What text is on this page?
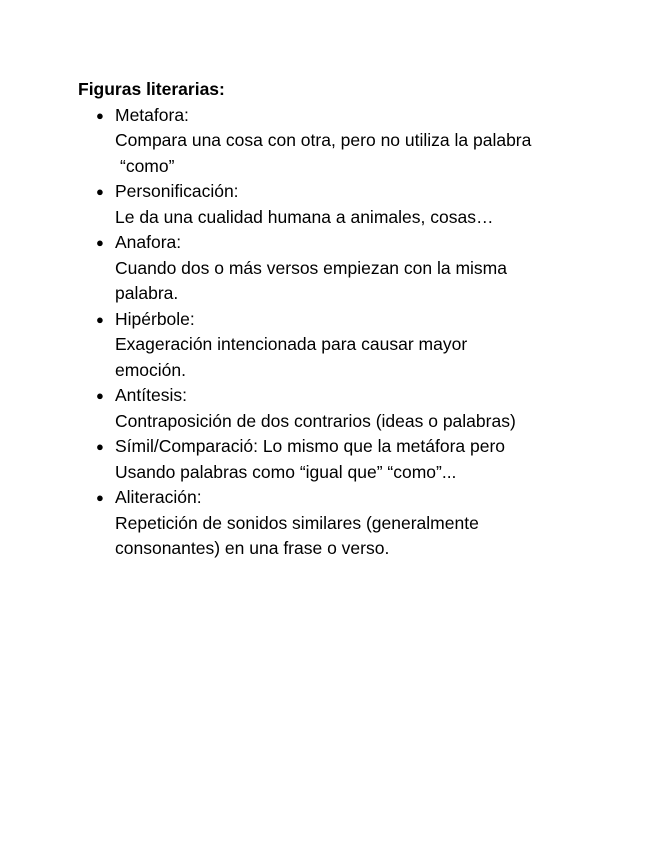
Figuras literarias:

● Metafora:
Compara una cosa con otra, pero no utiliza la palabra
“como”
● Personificación:
Le da una cualidad humana a animales, cosas…
● Anafora:
Cuando dos o más versos empiezan con la misma
palabra.
● Hipérbole:
Exageración intencionada para causar mayor
emoción.
● Antítesis:
Contraposición de dos contrarios (ideas o palabras)
● Símil/Comparació: Lo mismo que la metáfora pero
Usando palabras como “igual que” “como”...
● Aliteración:
Repetición de sonidos similares (generalmente
consonantes) en una frase o verso.
